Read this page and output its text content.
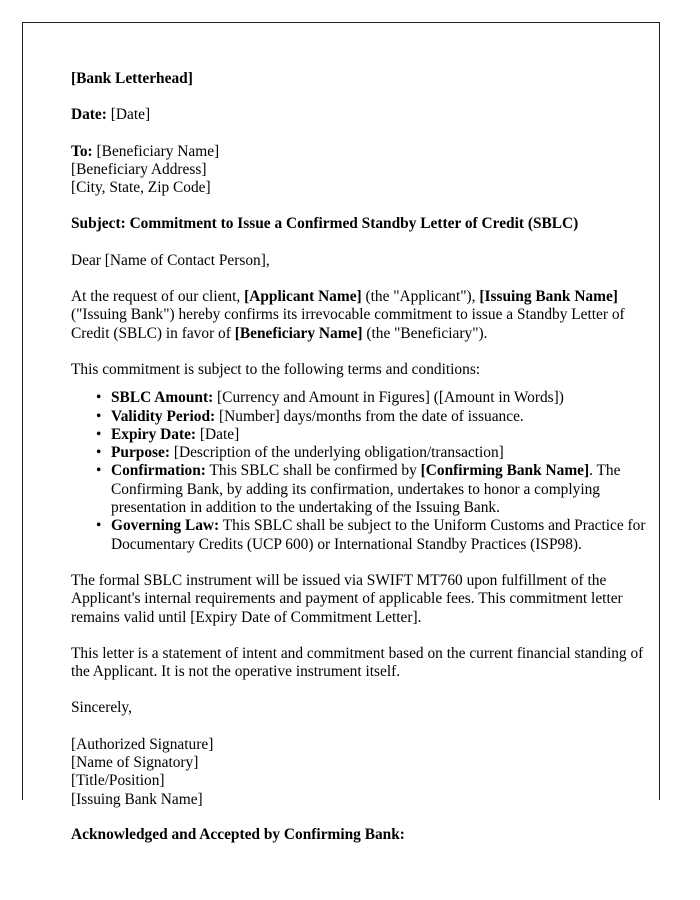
[Bank Letterhead]

Date: [Date]

To: [Beneficiary Name]
[Beneficiary Address]
[City, State, Zip Code]

Subject: Commitment to Issue a Confirmed Standby Letter of Credit (SBLC)

Dear [Name of Contact Person],

At the request of our client, [Applicant Name] (the "Applicant"), [Issuing Bank Name] ("Issuing Bank") hereby confirms its irrevocable commitment to issue a Standby Letter of Credit (SBLC) in favor of [Beneficiary Name] (the "Beneficiary").

This commitment is subject to the following terms and conditions:

• SBLC Amount: [Currency and Amount in Figures] ([Amount in Words])
• Validity Period: [Number] days/months from the date of issuance.
• Expiry Date: [Date]
• Purpose: [Description of the underlying obligation/transaction]
• Confirmation: This SBLC shall be confirmed by [Confirming Bank Name]. The Confirming Bank, by adding its confirmation, undertakes to honor a complying presentation in addition to the undertaking of the Issuing Bank.
• Governing Law: This SBLC shall be subject to the Uniform Customs and Practice for Documentary Credits (UCP 600) or International Standby Practices (ISP98).

The formal SBLC instrument will be issued via SWIFT MT760 upon fulfillment of the Applicant's internal requirements and payment of applicable fees. This commitment letter remains valid until [Expiry Date of Commitment Letter].

This letter is a statement of intent and commitment based on the current financial standing of the Applicant. It is not the operative instrument itself.

Sincerely,

[Authorized Signature]
[Name of Signatory]
[Title/Position]
[Issuing Bank Name]

Acknowledged and Accepted by Confirming Bank:
